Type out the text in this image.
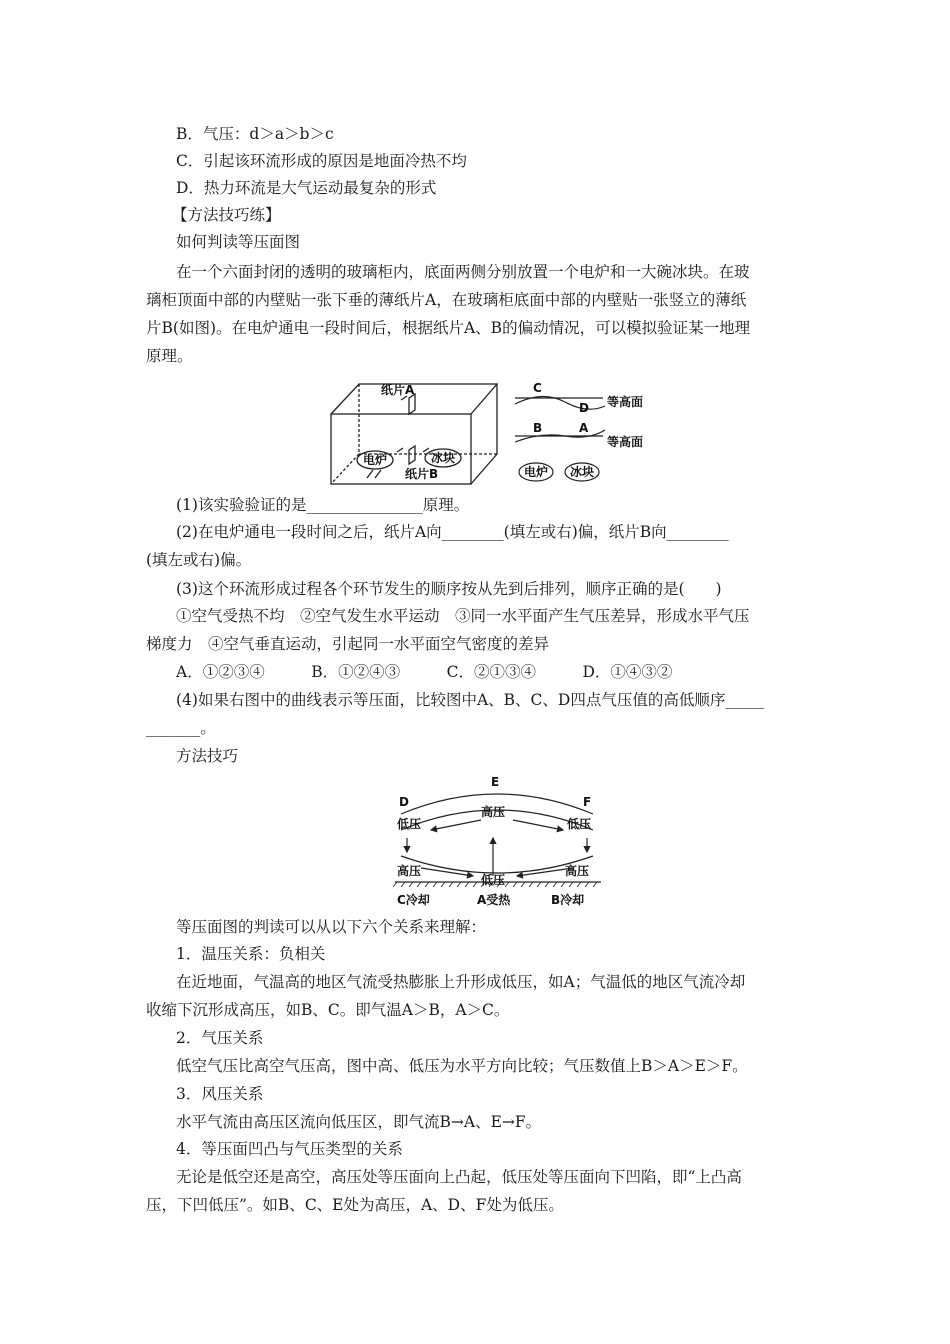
B．气压：d＞a＞b＞c
C．引起该环流形成的原因是地面冷热不均
D．热力环流是大气运动最复杂的形式
【方法技巧练】
如何判读等压面图
在一个六面封闭的透明的玻璃柜内，底面两侧分别放置一个电炉和一大碗冰块。在玻
璃柜顶面中部的内壁贴一张下垂的薄纸片A，在玻璃柜底面中部的内壁贴一张竖立的薄纸
片B(如图)。在电炉通电一段时间后，根据纸片A、B的偏动情况，可以模拟验证某一地理
原理。
纸片A
纸片B
电炉	冰块
C
D
B	A
等高面
等高面
电炉 冰块
(1)该实验验证的是_______________原理。
(2)在电炉通电一段时间之后，纸片A向________(填左或右)偏，纸片B向________
(填左或右)偏。
(3)这个环流形成过程各个环节发生的顺序按从先到后排列，顺序正确的是(　　)
①空气受热不均　②空气发生水平运动　③同一水平面产生气压差异，形成水平气压
梯度力　④空气垂直运动，引起同一水平面空气密度的差异
A．①②③④　　　B．①②④③　　　C．②①③④　　　D．①④③②
(4)如果右图中的曲线表示等压面，比较图中A、B、C、D四点气压值的高低顺序_____
_______。
方法技巧
E
D	F
高压
低压	低压
高压
低压
高压
C冷却	A受热	B冷却
等压面图的判读可以从以下六个关系来理解：
1．温压关系：负相关
在近地面，气温高的地区气流受热膨胀上升形成低压，如A；气温低的地区气流冷却
收缩下沉形成高压，如B、C。即气温A＞B，A＞C。
2．气压关系
低空气压比高空气压高，图中高、低压为水平方向比较；气压数值上B＞A＞E＞F。
3．风压关系
水平气流由高压区流向低压区，即气流B→A、E→F。
4．等压面凹凸与气压类型的关系
无论是低空还是高空，高压处等压面向上凸起，低压处等压面向下凹陷，即“上凸高
压，下凹低压”。如B、C、E处为高压，A、D、F处为低压。
